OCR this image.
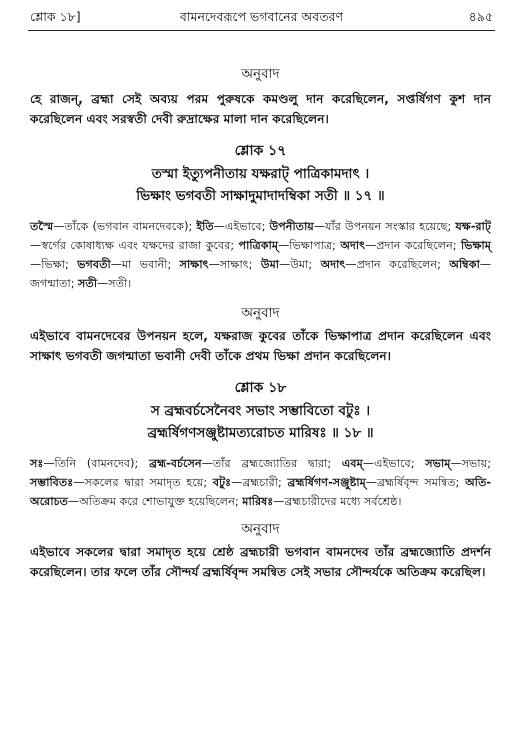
শ্লোক ১৮]	বামনদেবরূপে ভগবানের অবতরণ	৪৯৫

অনুবাদ

হে রাজন্, ব্রহ্মা সেই অব্যয় পরম পুরুষকে কমণ্ডলু দান করেছিলেন, সপ্তর্ষিগণ কুশ দান করেছিলেন এবং সরস্বতী দেবী রুদ্রাক্ষের মালা দান করেছিলেন।

শ্লোক ১৭

তস্মা ইত্যুপনীতায় যক্ষরাট্ পাত্রিকামদাৎ ।

ভিক্ষাং ভগবতী সাক্ষাদুমাদাদম্বিকা সতী ॥ ১৭ ॥

তস্মৈ—তাঁকে (ভগবান বামনদেবকে); ইতি—এইভাবে; উপনীতায়—যাঁর উপনয়ন সংস্কার হয়েছে; যক্ষ-রাট্—স্বর্গের কোষাধ্যক্ষ এবং যক্ষদের রাজা কুবের; পাত্রিকাম্—ভিক্ষাপাত্র; অদাৎ—প্রদান করেছিলেন; ভিক্ষাম্—ভিক্ষা; ভগবতী—মা ভবানী; সাক্ষাৎ—সাক্ষাৎ; উমা—উমা; অদাৎ—প্রদান করেছিলেন; অম্বিকা—জগন্মাতা; সতী—সতী।

অনুবাদ

এইভাবে বামনদেবের উপনয়ন হলে, যক্ষরাজ কুবের তাঁকে ভিক্ষাপাত্র প্রদান করেছিলেন এবং সাক্ষাৎ ভগবতী জগন্মাতা ভবানী দেবী তাঁকে প্রথম ভিক্ষা প্রদান করেছিলেন।

শ্লোক ১৮

স ব্রহ্মবর্চসেনৈবং সভাং সম্ভাবিতো বটুঃ ।

ব্রহ্মর্ষিগণসঞ্জুষ্টামত্যরোচত মারিষঃ ॥ ১৮ ॥

সঃ—তিনি (বামনদেব); ব্রহ্ম-বর্চসেন—তাঁর ব্রহ্মজ্যোতির দ্বারা; এবম্—এইভাবে; সভাম্—সভায়; সম্ভাবিতঃ—সকলের দ্বারা সমাদৃত হয়ে; বটুঃ—ব্রহ্মচারী; ব্রহ্মর্ষিগণ-সঞ্জুষ্টাম্—ব্রহ্মর্ষিবৃন্দ সমন্বিত; অতি-অরোচত—অতিক্রম করে শোভাযুক্ত হয়েছিলেন; মারিষঃ—ব্রহ্মচারীদের মধ্যে সর্বশ্রেষ্ঠ।

অনুবাদ

এইভাবে সকলের দ্বারা সমাদৃত হয়ে শ্রেষ্ঠ ব্রহ্মচারী ভগবান বামনদেব তাঁর ব্রহ্মজ্যোতি প্রদর্শন করেছিলেন। তার ফলে তাঁর সৌন্দর্য ব্রহ্মর্ষিবৃন্দ সমন্বিত সেই সভার সৌন্দর্যকে অতিক্রম করেছিল।
